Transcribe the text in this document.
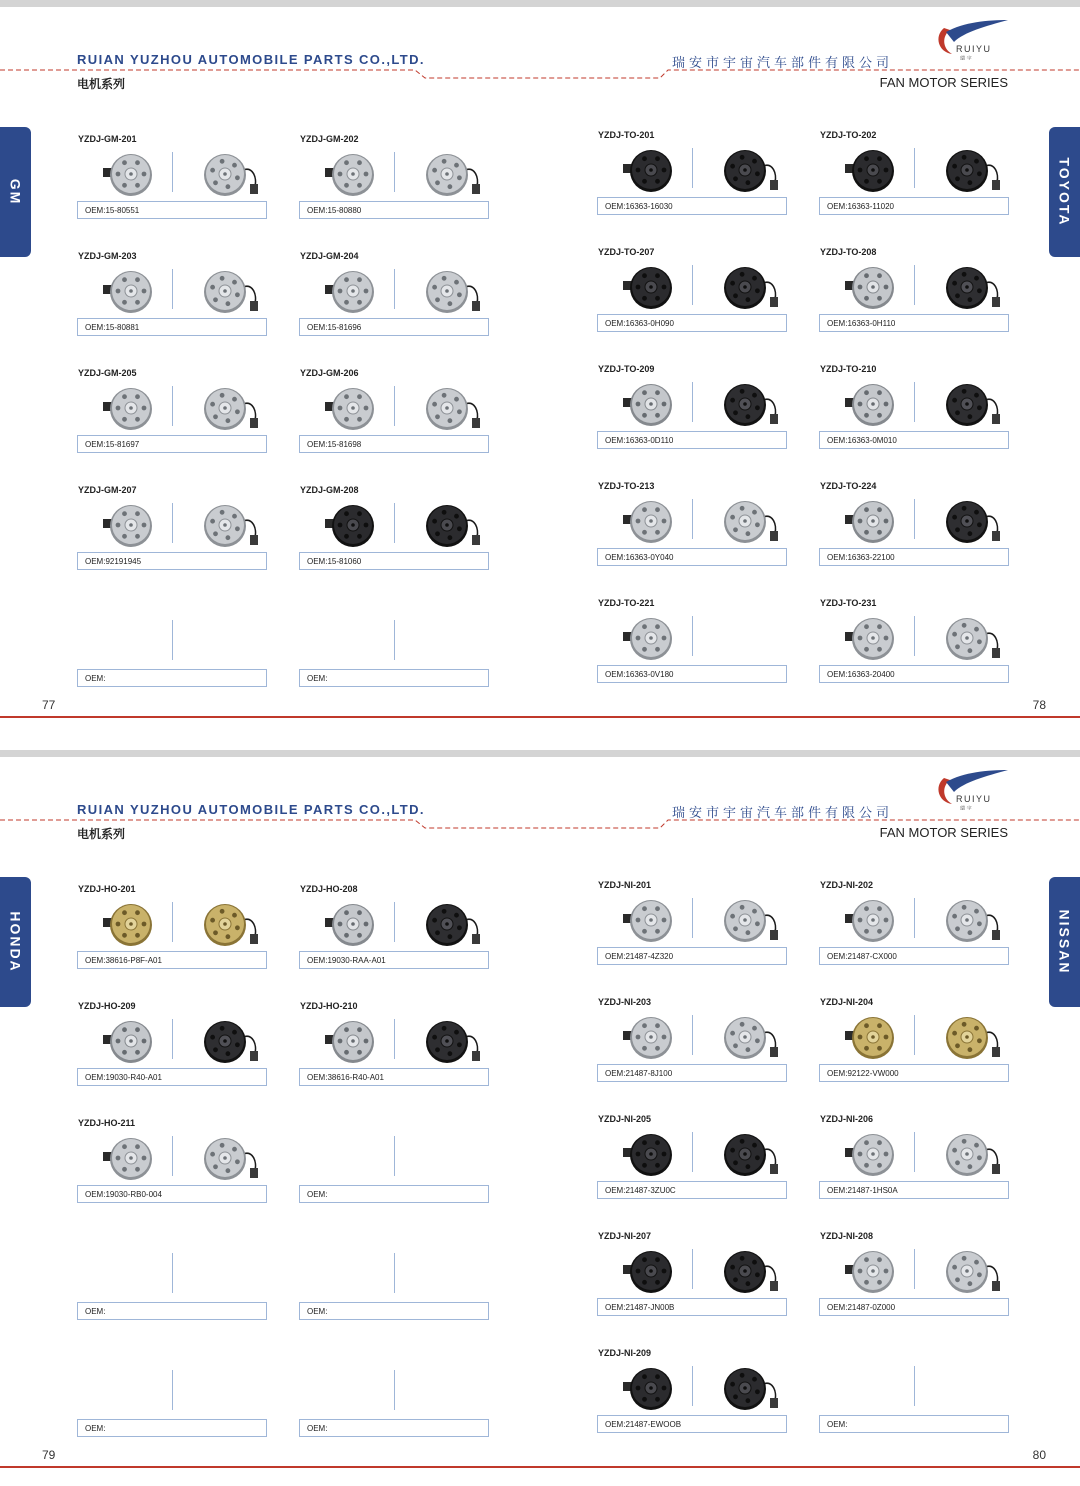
RUIAN YUZHOU AUTOMOBILE PARTS CO.,LTD.	瑞安市宇宙汽车部件有限公司
电机系列	FAN MOTOR SERIES
RUIYU
瑞 宇
GM	TOYOTA
YZDJ-GM-201
OEM:15-80551
YZDJ-GM-202
OEM:15-80880
YZDJ-GM-203
OEM:15-80881
YZDJ-GM-204
OEM:15-81696
YZDJ-GM-205
OEM:15-81697
YZDJ-GM-206
OEM:15-81698
YZDJ-GM-207
OEM:92191945
YZDJ-GM-208
OEM:15-81060
OEM:	OEM:
YZDJ-TO-201
OEM:16363-16030
YZDJ-TO-202
OEM:16363-11020
YZDJ-TO-207
OEM:16363-0H090
YZDJ-TO-208
OEM:16363-0H110
YZDJ-TO-209
OEM:16363-0D110
YZDJ-TO-210
OEM:16363-0M010
YZDJ-TO-213
OEM:16363-0Y040
YZDJ-TO-224
OEM:16363-22100
YZDJ-TO-221
OEM:16363-0V180
YZDJ-TO-231
OEM:16363-20400
77	78
RUIAN YUZHOU AUTOMOBILE PARTS CO.,LTD.	瑞安市宇宙汽车部件有限公司
电机系列	FAN MOTOR SERIES
RUIYU
瑞 宇
HONDA	NISSAN
YZDJ-HO-201
OEM:38616-P8F-A01
YZDJ-HO-208
OEM:19030-RAA-A01
YZDJ-HO-209
OEM:19030-R40-A01
YZDJ-HO-210
OEM:38616-R40-A01
YZDJ-HO-211
OEM:19030-RB0-004	OEM:
OEM:	OEM:
OEM:	OEM:
YZDJ-NI-201
OEM:21487-4Z320
YZDJ-NI-202
OEM:21487-CX000
YZDJ-NI-203
OEM:21487-8J100
YZDJ-NI-204
OEM:92122-VW000
YZDJ-NI-205
OEM:21487-3ZU0C
YZDJ-NI-206
OEM:21487-1HS0A
YZDJ-NI-207
OEM:21487-JN00B
YZDJ-NI-208
OEM:21487-0Z000
YZDJ-NI-209
OEM:21487-EWOOB	OEM:
79	80
